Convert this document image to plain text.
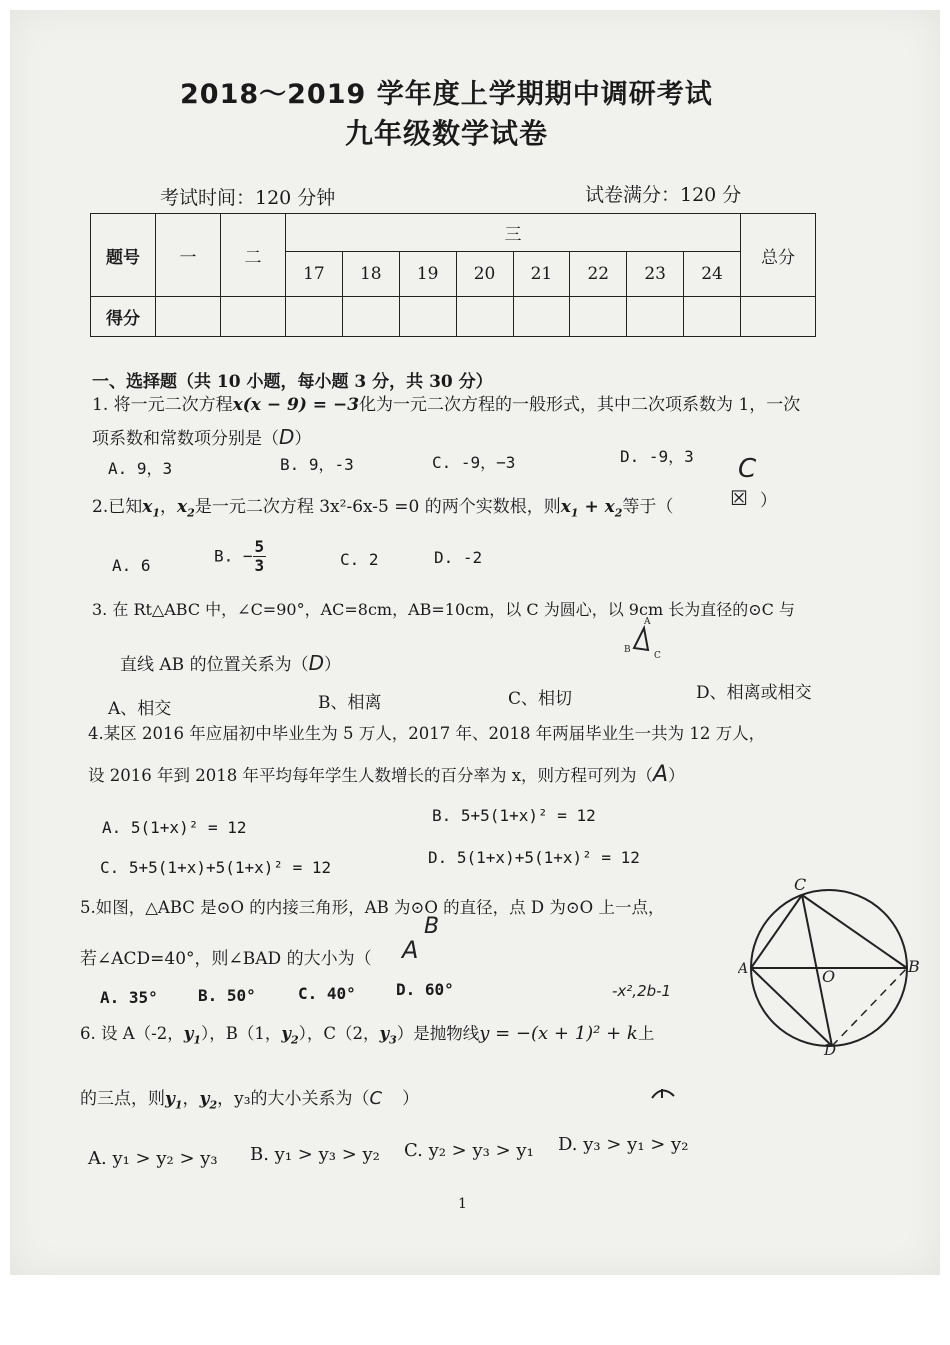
2018～2019 学年度上学期期中调研考试
九年级数学试卷
考试时间：120 分钟	试卷满分：120 分
题号	一	二	三								总分
			17	18	19	20	21	22	23	24	
得分											
一、选择题（共 10 小题，每小题 3 分，共 30 分）
1. 将一元二次方程x(x − 9) = −3化为一元二次方程的一般形式，其中二次项系数为 1，一次
项系数和常数项分别是（D）
A. 9，3	B. 9，-3	C. -9，−3	D. -9，3
2.已知$x_1$，$x_2$是一元二次方程 3x²-6x-5 =0 的两个实数根，则$x_1 + x_2$等于（	☒ ）
C
A. 6	B. − $\frac{5}{3}$	C. 2	D. -2
3. 在 Rt△ABC 中，∠C=90°，AC=8cm，AB=10cm，以 C 为圆心，以 9cm 长为直径的⊙C 与
A
B
C
直线 AB 的位置关系为（D）
A、相交	B、相离	C、相切	D、相离或相交
4.某区 2016 年应届初中毕业生为 5 万人，2017 年、2018 年两届毕业生一共为 12 万人，
设 2016 年到 2018 年平均每年学生人数增长的百分率为 x，则方程可列为（A）
A. 5(1+x)² = 12
B. 5+5(1+x)² = 12
C. 5+5(1+x)+5(1+x)² = 12
D. 5(1+x)+5(1+x)² = 12
5.如图，△ABC 是⊙O 的内接三角形，AB 为⊙O 的直径，点 D 为⊙O 上一点，
若∠ACD=40°，则∠BAD 的大小为（ A
B
A. 35°	B. 50°	C. 40°	D. 60°
C
A	O
B
D
-x²,2b-1
6. 设 A（-2，$y_1$），B（1，$y_2$），C（2，$y_3$）是抛物线y = −(x + 1)² + k上
的三点，则$y_1$，$y_2$，y₃的大小关系为（C ）
A. y₁ > y₂ > y₃ B. y₁ > y₃ > y₂ C. y₂ > y₃ > y₁ D. y₃ > y₁ > y₂
1
